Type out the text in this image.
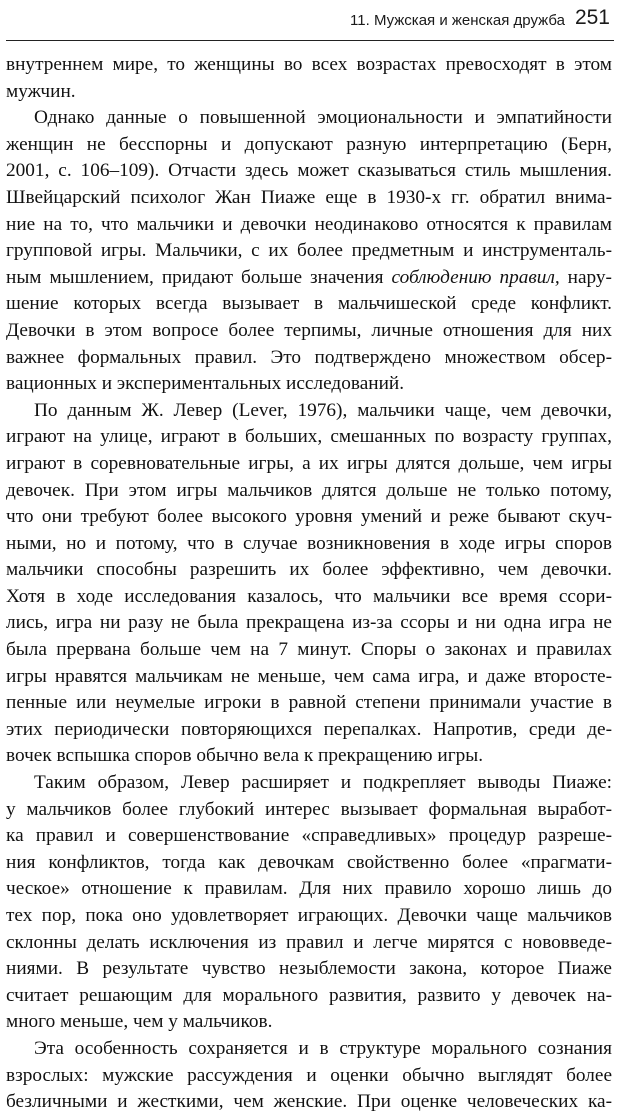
11. Мужская и женская дружба 251
внутреннем мире, то женщины во всех возрастах превосходят в этом
мужчин.
Однако данные о повышенной эмоциональности и эмпатийности
женщин не бесспорны и допускают разную интерпретацию (Берн,
2001, с. 106–109). Отчасти здесь может сказываться стиль мышления.
Швейцарский психолог Жан Пиаже еще в 1930-х гг. обратил внима-
ние на то, что мальчики и девочки неодинаково относятся к правилам
групповой игры. Мальчики, с их более предметным и инструменталь-
ным мышлением, придают больше значения соблюдению правил, нару-
шение которых всегда вызывает в мальчишеской среде конфликт.
Девочки в этом вопросе более терпимы, личные отношения для них
важнее формальных правил. Это подтверждено множеством обсер-
вационных и экспериментальных исследований.
По данным Ж. Левер (Lever, 1976), мальчики чаще, чем девочки,
играют на улице, играют в больших, смешанных по возрасту группах,
играют в соревновательные игры, а их игры длятся дольше, чем игры
девочек. При этом игры мальчиков длятся дольше не только потому,
что они требуют более высокого уровня умений и реже бывают скуч-
ными, но и потому, что в случае возникновения в ходе игры споров
мальчики способны разрешить их более эффективно, чем девочки.
Хотя в ходе исследования казалось, что мальчики все время ссори-
лись, игра ни разу не была прекращена из-за ссоры и ни одна игра не
была прервана больше чем на 7 минут. Споры о законах и правилах
игры нравятся мальчикам не меньше, чем сама игра, и даже второсте-
пенные или неумелые игроки в равной степени принимали участие в
этих периодически повторяющихся перепалках. Напротив, среди де-
вочек вспышка споров обычно вела к прекращению игры.
Таким образом, Левер расширяет и подкрепляет выводы Пиаже:
у мальчиков более глубокий интерес вызывает формальная выработ-
ка правил и совершенствование «справедливых» процедур разреше-
ния конфликтов, тогда как девочкам свойственно более «прагмати-
ческое» отношение к правилам. Для них правило хорошо лишь до
тех пор, пока оно удовлетворяет играющих. Девочки чаще мальчиков
склонны делать исключения из правил и легче мирятся с нововведе-
ниями. В результате чувство незыблемости закона, которое Пиаже
считает решающим для морального развития, развито у девочек на-
много меньше, чем у мальчиков.
Эта особенность сохраняется и в структуре морального сознания
взрослых: мужские рассуждения и оценки обычно выглядят более
безличными и жесткими, чем женские. При оценке человеческих ка-
